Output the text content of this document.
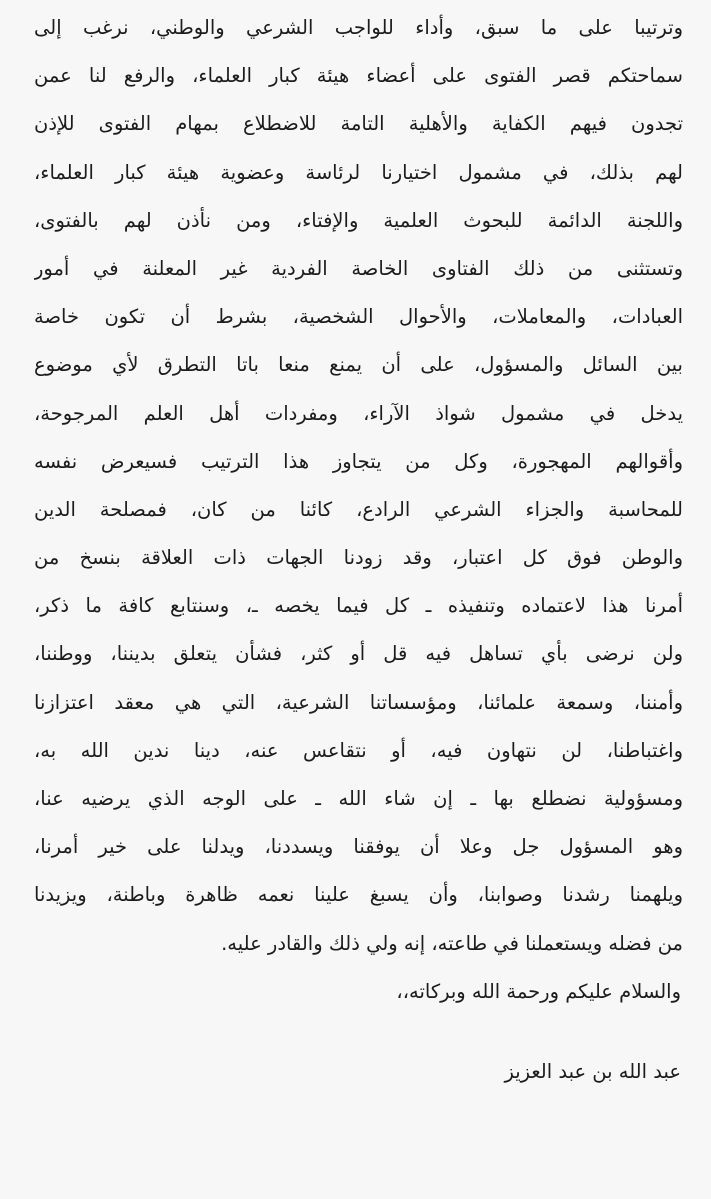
وترتيبا على ما سبق، وأداء للواجب الشرعي والوطني، نرغب إلى
سماحتكم قصر الفتوى على أعضاء هيئة كبار العلماء، والرفع لنا عمن
تجدون فيهم الكفاية والأهلية التامة للاضطلاع بمهام الفتوى للإذن
لهم بذلك، في مشمول اختيارنا لرئاسة وعضوية هيئة كبار العلماء،
واللجنة الدائمة للبحوث العلمية والإفتاء، ومن نأذن لهم بالفتوى،
وتستثنى من ذلك الفتاوى الخاصة الفردية غير المعلنة في أمور
العبادات، والمعاملات، والأحوال الشخصية، بشرط أن تكون خاصة
بين السائل والمسؤول، على أن يمنع منعا باتا التطرق لأي موضوع
يدخل في مشمول شواذ الآراء، ومفردات أهل العلم المرجوحة،
وأقوالهم المهجورة، وكل من يتجاوز هذا الترتيب فسيعرض نفسه
للمحاسبة والجزاء الشرعي الرادع، كائنا من كان، فمصلحة الدين
والوطن فوق كل اعتبار، وقد زودنا الجهات ذات العلاقة بنسخ من
أمرنا هذا لاعتماده وتنفيذه ـ كل فيما يخصه ـ، وسنتابع كافة ما ذكر،
ولن نرضى بأي تساهل فيه قل أو كثر، فشأن يتعلق بديننا، ووطننا،
وأمننا، وسمعة علمائنا، ومؤسساتنا الشرعية، التي هي معقد اعتزازنا
واغتباطنا، لن نتهاون فيه، أو نتقاعس عنه، دينا ندين الله به،
ومسؤولية نضطلع بها ـ إن شاء الله ـ على الوجه الذي يرضيه عنا،
وهو المسؤول جل وعلا أن يوفقنا ويسددنا، ويدلنا على خير أمرنا،
ويلهمنا رشدنا وصوابنا، وأن يسبغ علينا نعمه ظاهرة وباطنة، ويزيدنا
من فضله ويستعملنا في طاعته، إنه ولي ذلك والقادر عليه.

والسلام عليكم ورحمة الله وبركاته،،

عبد الله بن عبد العزيز
